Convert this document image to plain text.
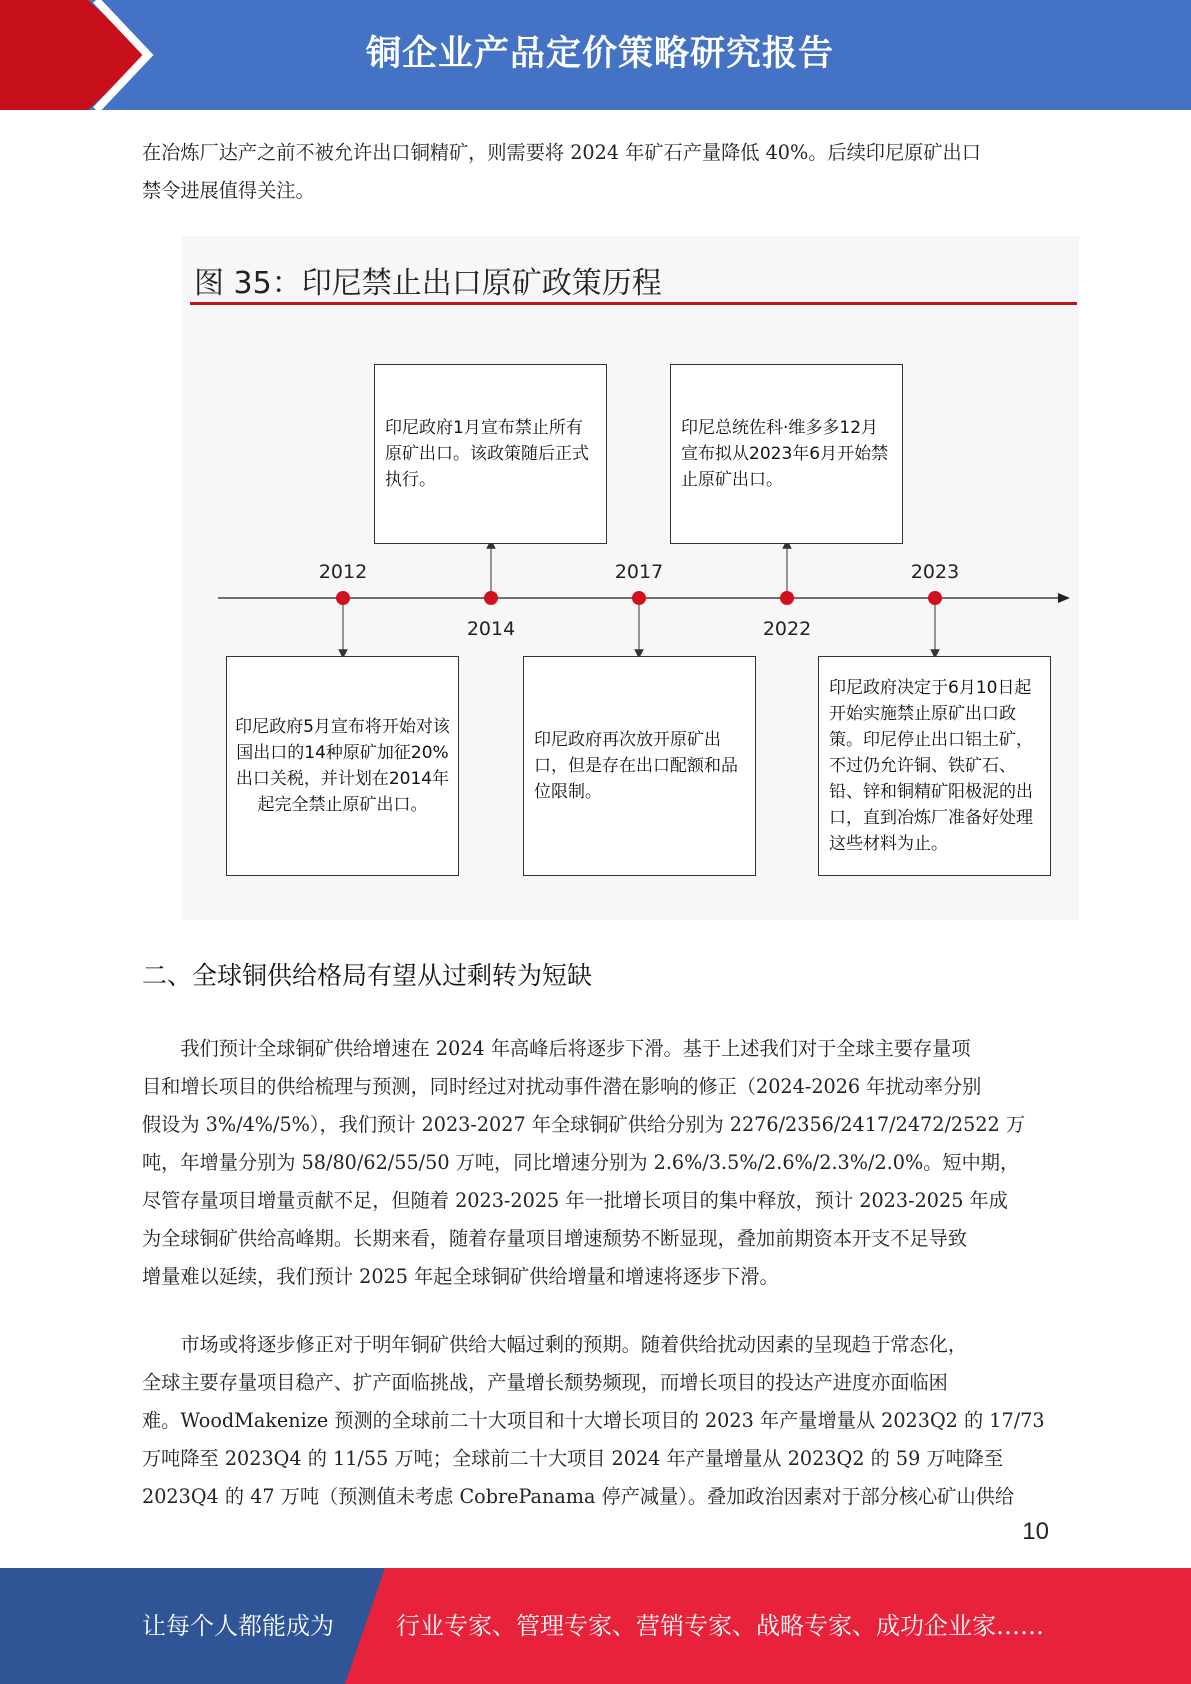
铜企业产品定价策略研究报告
在冶炼厂达产之前不被允许出口铜精矿，则需要将 2024 年矿石产量降低 40%。后续印尼原矿出口
禁令进展值得关注。
图 35：印尼禁止出口原矿政策历程
2012
2014
2017
2022
2023
印尼政府1月宣布禁止所有原矿出口。该政策随后正式执行。
印尼总统佐科·维多多12月宣布拟从2023年6月开始禁止原矿出口。
印尼政府5月宣布将开始对该国出口的14种原矿加征20%出口关税，并计划在2014年起完全禁止原矿出口。
印尼政府再次放开原矿出口，但是存在出口配额和品位限制。
印尼政府决定于6月10日起开始实施禁止原矿出口政策。印尼停止出口铝土矿，不过仍允许铜、铁矿石、铅、锌和铜精矿阳极泥的出口，直到冶炼厂准备好处理这些材料为止。
二、全球铜供给格局有望从过剩转为短缺
　　我们预计全球铜矿供给增速在 2024 年高峰后将逐步下滑。基于上述我们对于全球主要存量项
目和增长项目的供给梳理与预测，同时经过对扰动事件潜在影响的修正（2024-2026 年扰动率分别
假设为 3%/4%/5%），我们预计 2023-2027 年全球铜矿供给分别为 2276/2356/2417/2472/2522 万
吨，年增量分别为 58/80/62/55/50 万吨，同比增速分别为 2.6%/3.5%/2.6%/2.3%/2.0%。短中期，
尽管存量项目增量贡献不足，但随着 2023-2025 年一批增长项目的集中释放，预计 2023-2025 年成
为全球铜矿供给高峰期。长期来看，随着存量项目增速颓势不断显现，叠加前期资本开支不足导致
增量难以延续，我们预计 2025 年起全球铜矿供给增量和增速将逐步下滑。
　　市场或将逐步修正对于明年铜矿供给大幅过剩的预期。随着供给扰动因素的呈现趋于常态化，
全球主要存量项目稳产、扩产面临挑战，产量增长颓势频现，而增长项目的投达产进度亦面临困
难。WoodMakenize 预测的全球前二十大项目和十大增长项目的 2023 年产量增量从 2023Q2 的 17/73
万吨降至 2023Q4 的 11/55 万吨；全球前二十大项目 2024 年产量增量从 2023Q2 的 59 万吨降至
2023Q4 的 47 万吨（预测值未考虑 CobrePanama 停产减量）。叠加政治因素对于部分核心矿山供给
10
让每个人都能成为	行业专家、管理专家、营销专家、战略专家、成功企业家……
